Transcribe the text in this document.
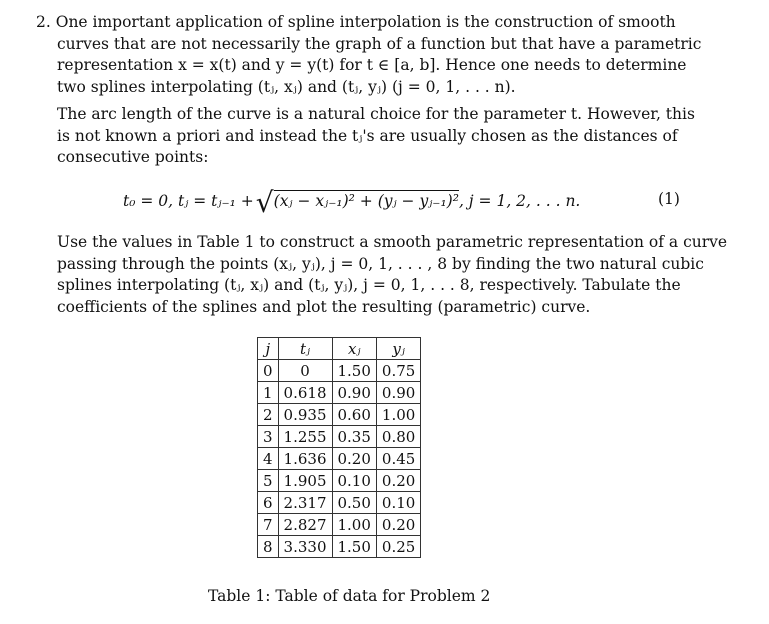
2. One important application of spline interpolation is the construction of smooth
curves that are not necessarily the graph of a function but that have a parametric
representation x = x(t) and y = y(t) for t ∈ [a, b]. Hence one needs to determine
two splines interpolating (tⱼ, xⱼ) and (tⱼ, yⱼ) (j = 0, 1, . . . n).
The arc length of the curve is a natural choice for the parameter t. However, this
is not known a priori and instead the tⱼ's are usually chosen as the distances of
consecutive points:
t₀ = 0, tⱼ = tⱼ₋₁ +√(xⱼ − xⱼ₋₁)² + (yⱼ − yⱼ₋₁)², j = 1, 2, . . . n.	(1)
Use the values in Table 1 to construct a smooth parametric representation of a curve
passing through the points (xⱼ, yⱼ), j = 0, 1, . . . , 8 by finding the two natural cubic
splines interpolating (tⱼ, xⱼ) and (tⱼ, yⱼ), j = 0, 1, . . . 8, respectively. Tabulate the
coefficients of the splines and plot the resulting (parametric) curve.
j	tⱼ	xⱼ	yⱼ
0	0	1.50	0.75
1	0.618	0.90	0.90
2	0.935	0.60	1.00
3	1.255	0.35	0.80
4	1.636	0.20	0.45
5	1.905	0.10	0.20
6	2.317	0.50	0.10
7	2.827	1.00	0.20
8	3.330	1.50	0.25
Table 1: Table of data for Problem 2
